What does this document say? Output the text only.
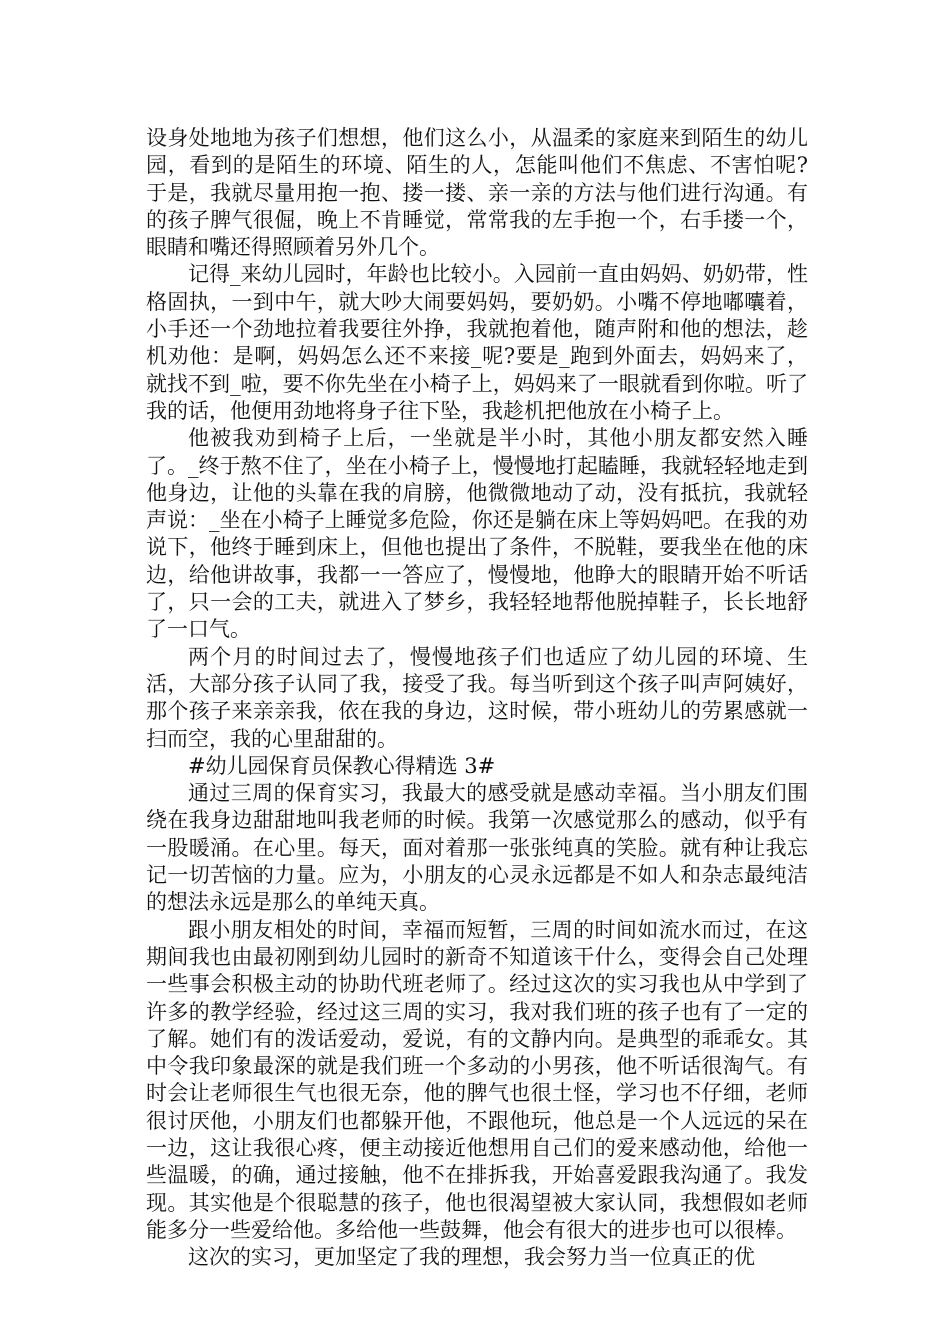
设身处地地为孩子们想想，他们这么小，从温柔的家庭来到陌生的幼儿园，看到的是陌生的环境、陌生的人，怎能叫他们不焦虑、不害怕呢?于是，我就尽量用抱一抱、搂一搂、亲一亲的方法与他们进行沟通。有的孩子脾气很倔，晚上不肯睡觉，常常我的左手抱一个，右手搂一个，眼睛和嘴还得照顾着另外几个。

记得_来幼儿园时，年龄也比较小。入园前一直由妈妈、奶奶带，性格固执，一到中午，就大吵大闹要妈妈，要奶奶。小嘴不停地嘟囔着，小手还一个劲地拉着我要往外挣，我就抱着他，随声附和他的想法，趁机劝他：是啊，妈妈怎么还不来接_呢?要是_跑到外面去，妈妈来了，就找不到_啦，要不你先坐在小椅子上，妈妈来了一眼就看到你啦。听了我的话，他便用劲地将身子往下坠，我趁机把他放在小椅子上。

他被我劝到椅子上后，一坐就是半小时，其他小朋友都安然入睡了。_终于熬不住了，坐在小椅子上，慢慢地打起瞌睡，我就轻轻地走到他身边，让他的头靠在我的肩膀，他微微地动了动，没有抵抗，我就轻声说：_坐在小椅子上睡觉多危险，你还是躺在床上等妈妈吧。在我的劝说下，他终于睡到床上，但他也提出了条件，不脱鞋，要我坐在他的床边，给他讲故事，我都一一答应了，慢慢地，他睁大的眼睛开始不听话了，只一会的工夫，就进入了梦乡，我轻轻地帮他脱掉鞋子，长长地舒了一口气。

两个月的时间过去了，慢慢地孩子们也适应了幼儿园的环境、生活，大部分孩子认同了我，接受了我。每当听到这个孩子叫声阿姨好，那个孩子来亲亲我，依在我的身边，这时候，带小班幼儿的劳累感就一扫而空，我的心里甜甜的。

#幼儿园保育员保教心得精选 3#

通过三周的保育实习，我最大的感受就是感动幸福。当小朋友们围绕在我身边甜甜地叫我老师的时候。我第一次感觉那么的感动，似乎有一股暖涌。在心里。每天，面对着那一张张纯真的笑脸。就有种让我忘记一切苦恼的力量。应为，小朋友的心灵永远都是不如人和杂志最纯洁的想法永远是那么的单纯天真。

跟小朋友相处的时间，幸福而短暂，三周的时间如流水而过，在这期间我也由最初刚到幼儿园时的新奇不知道该干什么，变得会自己处理一些事会积极主动的协助代班老师了。经过这次的实习我也从中学到了许多的教学经验，经过这三周的实习，我对我们班的孩子也有了一定的了解。她们有的泼话爱动，爱说，有的文静内向。是典型的乖乖女。其中令我印象最深的就是我们班一个多动的小男孩，他不听话很淘气。有时会让老师很生气也很无奈，他的脾气也很土怪，学习也不仔细，老师很讨厌他，小朋友们也都躲开他，不跟他玩，他总是一个人远远的呆在一边，这让我很心疼，便主动接近他想用自己们的爱来感动他，给他一些温暖，的确，通过接触，他不在排拆我，开始喜爱跟我沟通了。我发现。其实他是个很聪慧的孩子，他也很渴望被大家认同，我想假如老师能多分一些爱给他。多给他一些鼓舞，他会有很大的进步也可以很棒。

这次的实习，更加坚定了我的理想，我会努力当一位真正的优
